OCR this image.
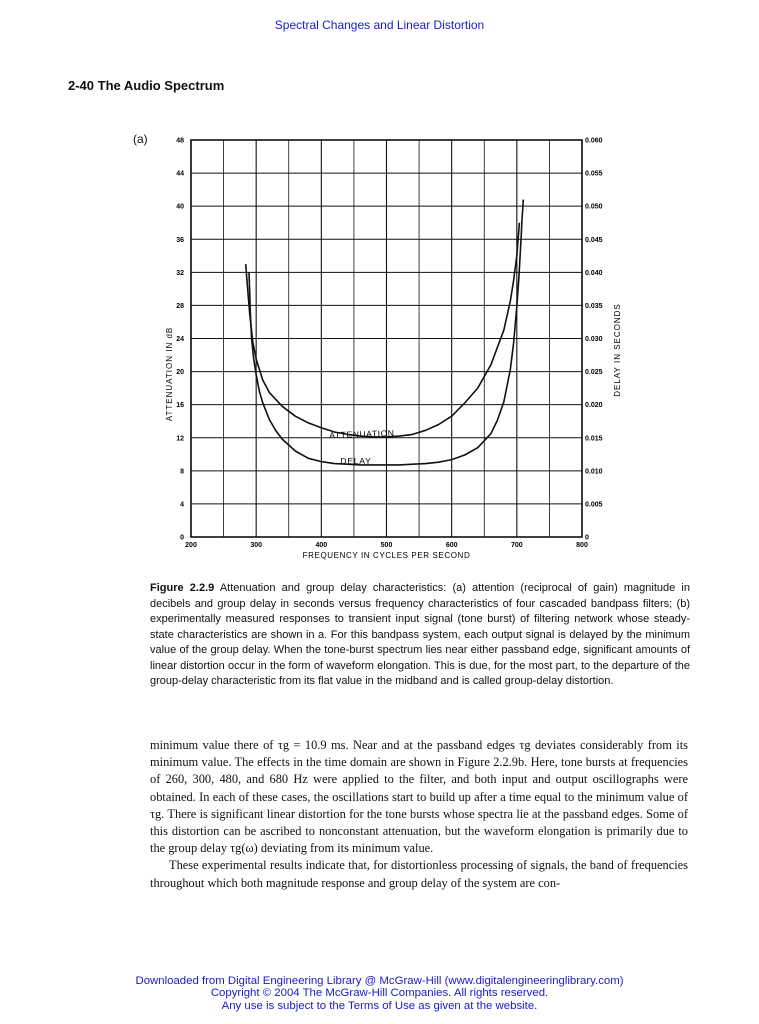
Spectral Changes and Linear Distortion
2-40 The Audio Spectrum
(a)
0
4
8
12
16
20
24
28
32
36
40
44
48
0
0.005
0.010
0.015
0.020
0.025
0.030
0.035
0.040
0.045
0.050
0.055
0.060
200	300	400	500	600	700	800
FREQUENCY IN CYCLES PER SECOND
ATTENUATION IN dB	DELAY IN SECONDS
ATTENUATION
DELAY
Figure 2.2.9 Attenuation and group delay characteristics: (a) attention (reciprocal of gain) magnitude in decibels and group delay in seconds versus frequency characteristics of four cascaded bandpass filters; (b) experimentally measured responses to transient input signal (tone burst) of filtering network whose steady-state characteristics are shown in a. For this bandpass system, each output signal is delayed by the minimum value of the group delay. When the tone-burst spectrum lies near either passband edge, significant amounts of linear distortion occur in the form of waveform elongation. This is due, for the most part, to the departure of the group-delay characteristic from its flat value in the midband and is called group-delay distortion.

minimum value there of τg = 10.9 ms. Near and at the passband edges τg deviates considerably from its minimum value. The effects in the time domain are shown in Figure 2.2.9b. Here, tone bursts at frequencies of 260, 300, 480, and 680 Hz were applied to the filter, and both input and output oscillographs were obtained. In each of these cases, the oscillations start to build up after a time equal to the minimum value of τg. There is significant linear distortion for the tone bursts whose spectra lie at the passband edges. Some of this distortion can be ascribed to nonconstant attenuation, but the waveform elongation is primarily due to the group delay τg(ω) deviating from its minimum value.

These experimental results indicate that, for distortionless processing of signals, the band of frequencies throughout which both magnitude response and group delay of the system are con-

Downloaded from Digital Engineering Library @ McGraw-Hill (www.digitalengineeringlibrary.com)
Copyright © 2004 The McGraw-Hill Companies. All rights reserved.
Any use is subject to the Terms of Use as given at the website.
